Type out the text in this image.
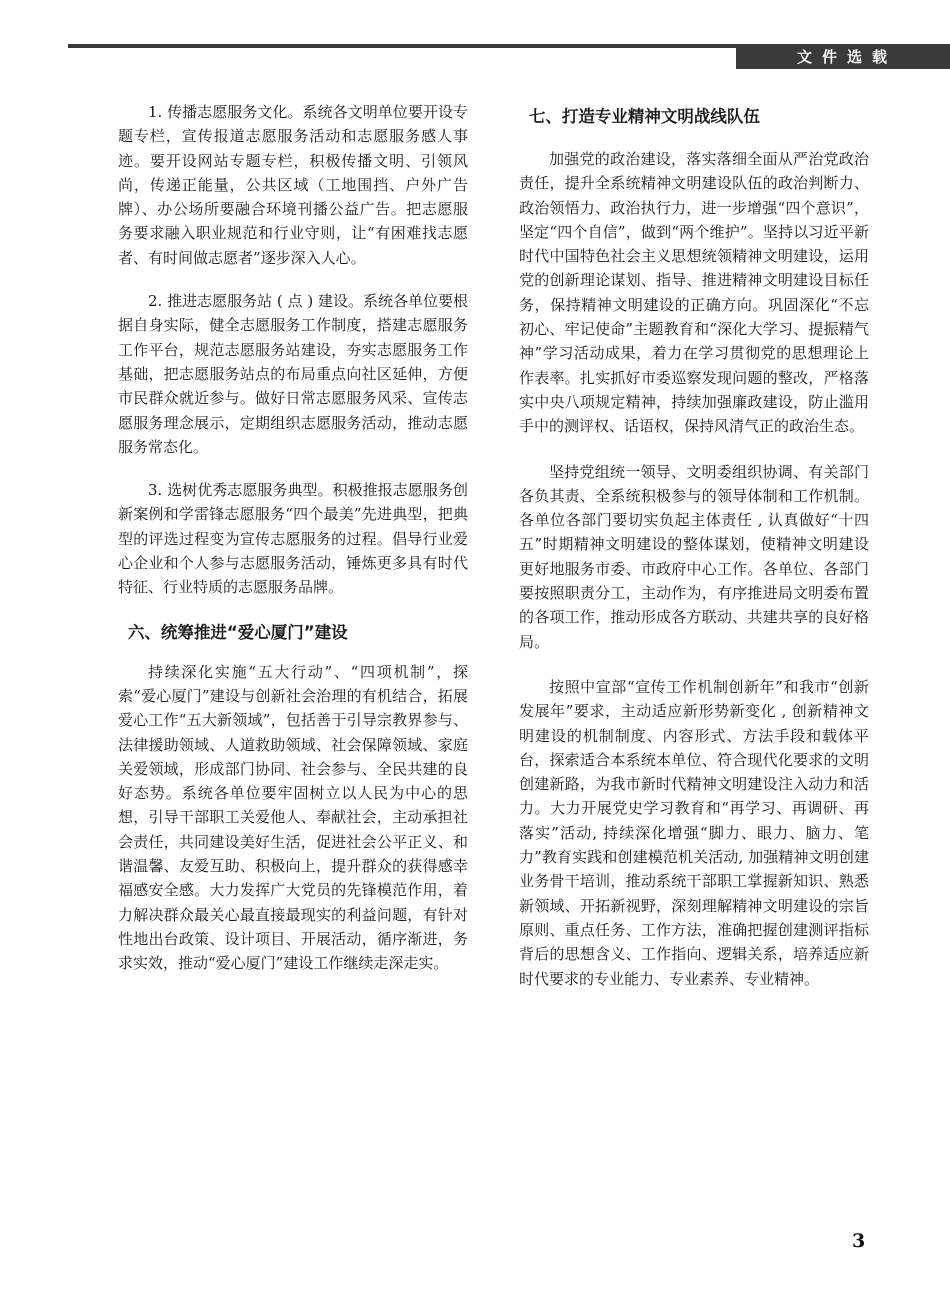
文件选载

1. 传播志愿服务文化。系统各文明单位要开设专题专栏，宣传报道志愿服务活动和志愿服务感人事迹。要开设网站专题专栏，积极传播文明、引领风尚，传递正能量，公共区域（工地围挡、户外广告牌）、办公场所要融合环境刊播公益广告。把志愿服务要求融入职业规范和行业守则，让“有困难找志愿者、有时间做志愿者”逐步深入人心。

2. 推进志愿服务站 ( 点 ) 建设。系统各单位要根据自身实际，健全志愿服务工作制度，搭建志愿服务工作平台，规范志愿服务站建设，夯实志愿服务工作基础，把志愿服务站点的布局重点向社区延伸，方便市民群众就近参与。做好日常志愿服务风采、宣传志愿服务理念展示，定期组织志愿服务活动，推动志愿服务常态化。

3. 选树优秀志愿服务典型。积极推报志愿服务创新案例和学雷锋志愿服务“四个最美”先进典型，把典型的评选过程变为宣传志愿服务的过程。倡导行业爱心企业和个人参与志愿服务活动，锤炼更多具有时代特征、行业特质的志愿服务品牌。

六、统筹推进“爱心厦门”建设

持续深化实施“五大行动”、“四项机制”，探索“爱心厦门”建设与创新社会治理的有机结合，拓展爱心工作“五大新领域”，包括善于引导宗教界参与、法律援助领域、人道救助领域、社会保障领域、家庭关爱领域，形成部门协同、社会参与、全民共建的良好态势。系统各单位要牢固树立以人民为中心的思想，引导干部职工关爱他人、奉献社会，主动承担社会责任，共同建设美好生活，促进社会公平正义、和谐温馨、友爱互助、积极向上，提升群众的获得感幸福感安全感。大力发挥广大党员的先锋模范作用，着力解决群众最关心最直接最现实的利益问题，有针对性地出台政策、设计项目、开展活动，循序渐进，务求实效，推动“爱心厦门”建设工作继续走深走实。

七、打造专业精神文明战线队伍

加强党的政治建设，落实落细全面从严治党政治责任，提升全系统精神文明建设队伍的政治判断力、政治领悟力、政治执行力，进一步增强“四个意识”，坚定“四个自信”，做到“两个维护”。坚持以习近平新时代中国特色社会主义思想统领精神文明建设，运用党的创新理论谋划、指导、推进精神文明建设目标任务，保持精神文明建设的正确方向。巩固深化“不忘初心、牢记使命”主题教育和“深化大学习、提振精气神”学习活动成果，着力在学习贯彻党的思想理论上作表率。扎实抓好市委巡察发现问题的整改，严格落实中央八项规定精神，持续加强廉政建设，防止滥用手中的测评权、话语权，保持风清气正的政治生态。

坚持党组统一领导、文明委组织协调、有关部门各负其责、全系统积极参与的领导体制和工作机制。各单位各部门要切实负起主体责任 , 认真做好“十四五”时期精神文明建设的整体谋划，使精神文明建设更好地服务市委、市政府中心工作。各单位、各部门要按照职责分工，主动作为，有序推进局文明委布置的各项工作，推动形成各方联动、共建共享的良好格局。

按照中宣部“宣传工作机制创新年”和我市“创新发展年”要求，主动适应新形势新变化 , 创新精神文明建设的机制制度、内容形式、方法手段和载体平台，探索适合本系统本单位、符合现代化要求的文明创建新路，为我市新时代精神文明建设注入动力和活力。大力开展党史学习教育和“再学习、再调研、再落实”活动, 持续深化增强“脚力、眼力、脑力、笔力”教育实践和创建模范机关活动, 加强精神文明创建业务骨干培训，推动系统干部职工掌握新知识、熟悉新领域、开拓新视野，深刻理解精神文明建设的宗旨原则、重点任务、工作方法，准确把握创建测评指标背后的思想含义、工作指向、逻辑关系，培养适应新时代要求的专业能力、专业素养、专业精神。

3
